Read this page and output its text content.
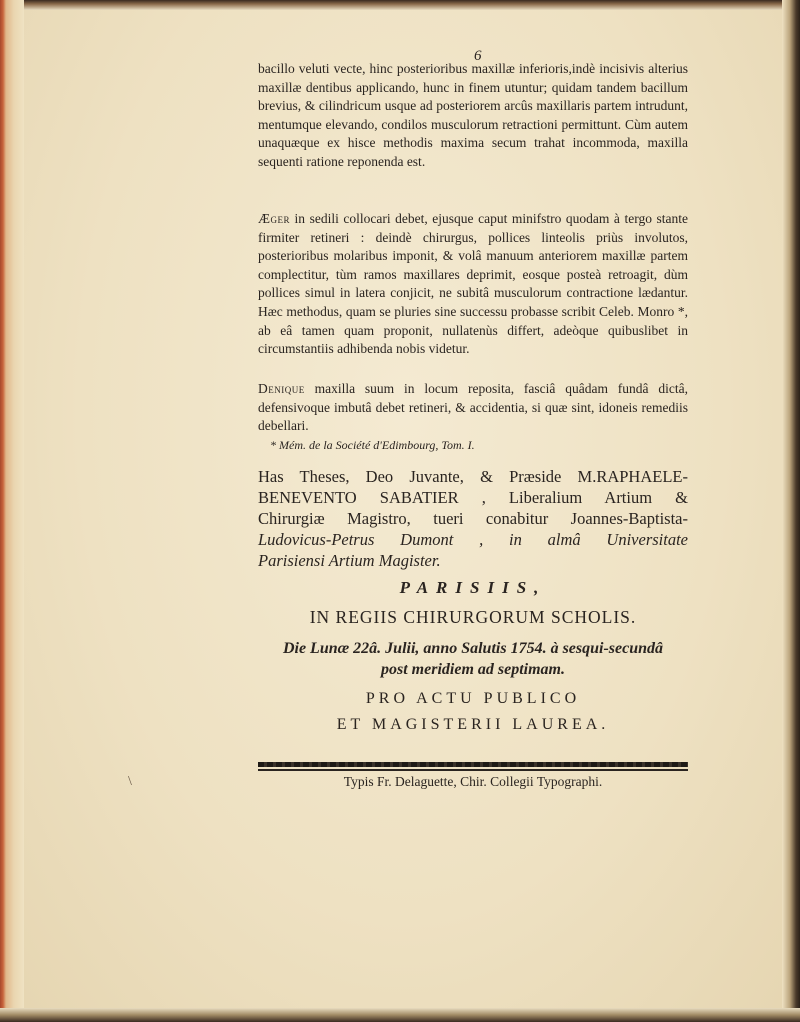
6

bacillo veluti vecte, hinc posterioribus maxillæ inferioris,indè incisivis alterius maxillæ dentibus applicando, hunc in finem utuntur; quidam tandem bacillum brevius, & cilindricum usque ad posteriorem arcûs maxillaris partem intrudunt, mentumque elevando, condilos musculorum retractioni permittunt. Cùm autem unaquæque ex hisce methodis maxima secum trahat incommoda, maxilla sequenti ratione reponenda est.

Æger in sedili collocari debet, ejusque caput minifstro quodam à tergo stante firmiter retineri : deindè chirurgus, pollices linteolis priùs involutos, posterioribus molaribus imponit, & volâ manuum anteriorem maxillæ partem complectitur, tùm ramos maxillares deprimit, eosque posteà retroagit, dùm pollices simul in latera conjicit, ne subitâ musculorum contractione lædantur. Hæc methodus, quam se pluries sine successu probasse scribit Celeb. Monro *, ab eâ tamen quam proponit, nullatenùs differt, adeòque quibuslibet in circumstantiis adhibenda nobis videtur.

Denique maxilla suum in locum reposita, fasciâ quâdam fundâ dictâ, defensivoque imbutâ debet retineri, & accidentia, si quæ sint, idoneis remediis debellari.

* Mém. de la Société d'Edimbourg, Tom. I.
Has Theses, Deo Juvante, & Præside M.RAPHAELE-
BENEVENTO SABATIER , Liberalium Artium &
Chirurgiæ Magistro, tueri conabitur Joannes-Baptista-
Ludovicus-Petrus Dumont , in almâ Universitate
Parisiensi Artium Magister.
PARISIIS,
IN REGIIS CHIRURGORUM SCHOLIS.
Die Lunæ 22â. Julii, anno Salutis 1754. à sesqui-secundâ
post meridiem ad septimam.
PRO ACTU PUBLICO
ET MAGISTERII LAUREA.
Typis Fr. Delaguette, Chir. Collegii Typographi.
\
